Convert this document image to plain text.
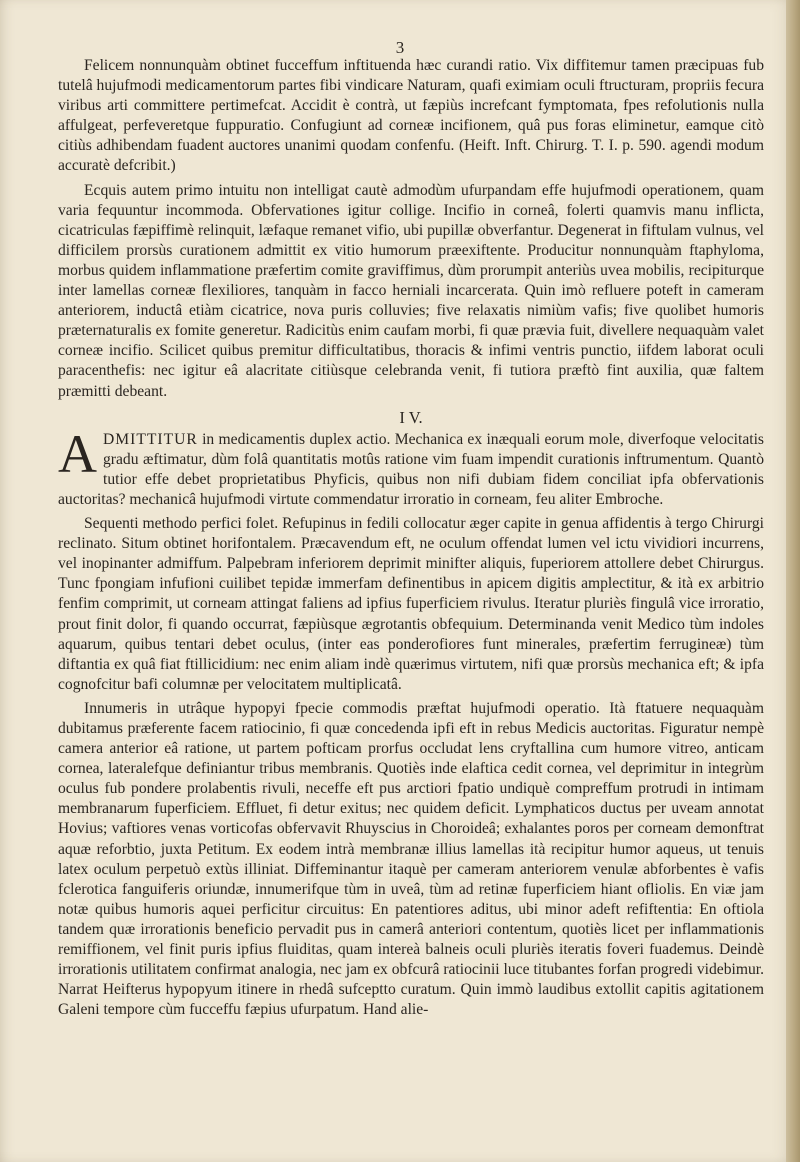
3

Felicem nonnunquàm obtinet fucceffum inftituenda hæc curandi ratio. Vix diffitemur tamen præcipuas fub tutelâ hujufmodi medicamentorum partes fibi vindicare Naturam, quafi eximiam oculi ftructuram, propriis fecura viribus arti committere pertimefcat. Accidit è contrà, ut fæpiùs increfcant fymptomata, fpes refolutionis nulla affulgeat, perfeveretque fuppuratio. Confugiunt ad corneæ incifionem, quâ pus foras eliminetur, eamque citò citiùs adhibendam fuadent auctores unanimi quodam confenfu. (Heift. Inft. Chirurg. T. I. p. 590. agendi modum accuratè defcribit.)

Ecquis autem primo intuitu non intelligat cautè admodùm ufurpandam effe hujufmodi operationem, quam varia fequuntur incommoda. Obfervationes igitur collige. Incifio in corneâ, folerti quamvis manu inflicta, cicatriculas fæpiffimè relinquit, læfaque remanet vifio, ubi pupillæ obverfantur. Degenerat in fiftulam vulnus, vel difficilem prorsùs curationem admittit ex vitio humorum præexiftente. Producitur nonnunquàm ftaphyloma, morbus quidem inflammatione præfertim comite graviffimus, dùm prorumpit anteriùs uvea mobilis, recipiturque inter lamellas corneæ flexiliores, tanquàm in facco herniali incarcerata. Quin imò refluere poteft in cameram anteriorem, inductâ etiàm cicatrice, nova puris colluvies; five relaxatis nimiùm vafis; five quolibet humoris præternaturalis ex fomite generetur. Radicitùs enim caufam morbi, fi quæ prævia fuit, divellere nequaquàm valet corneæ incifio. Scilicet quibus premitur difficultatibus, thoracis & infimi ventris punctio, iifdem laborat oculi paracenthefis: nec igitur eâ alacritate citiùsque celebranda venit, fi tutiora præftò fint auxilia, quæ faltem præmitti debeant.

I V.

ADMITTITUR in medicamentis duplex actio. Mechanica ex inæquali eorum mole, diverfoque velocitatis gradu æftimatur, dùm folâ quantitatis motûs ratione vim fuam impendit curationis inftrumentum. Quantò tutior effe debet proprietatibus Phyficis, quibus non nifi dubiam fidem conciliat ipfa obfervationis auctoritas? mechanicâ hujufmodi virtute commendatur irroratio in corneam, feu aliter Embroche.

Sequenti methodo perfici folet. Refupinus in fedili collocatur æger capite in genua affidentis à tergo Chirurgi reclinato. Situm obtinet horifontalem. Præcavendum eft, ne oculum offendat lumen vel ictu vividiori incurrens, vel inopinanter admiffum. Palpebram inferiorem deprimit minifter aliquis, fuperiorem attollere debet Chirurgus. Tunc fpongiam infufioni cuilibet tepidæ immerfam definentibus in apicem digitis amplectitur, & ità ex arbitrio fenfim comprimit, ut corneam attingat faliens ad ipfius fuperficiem rivulus. Iteratur pluriès fingulâ vice irroratio, prout finit dolor, fi quando occurrat, fæpiùsque ægrotantis obfequium. Determinanda venit Medico tùm indoles aquarum, quibus tentari debet oculus, (inter eas ponderofiores funt minerales, præfertim ferrugineæ) tùm diftantia ex quâ fiat ftillicidium: nec enim aliam indè quærimus virtutem, nifi quæ prorsùs mechanica eft; & ipfa cognofcitur bafi columnæ per velocitatem multiplicatâ.

Innumeris in utrâque hypopyi fpecie commodis præftat hujufmodi operatio. Ità ftatuere nequaquàm dubitamus præferente facem ratiocinio, fi quæ concedenda ipfi eft in rebus Medicis auctoritas. Figuratur nempè camera anterior eâ ratione, ut partem pofticam prorfus occludat lens cryftallina cum humore vitreo, anticam cornea, lateralefque definiantur tribus membranis. Quotiès inde elaftica cedit cornea, vel deprimitur in integrùm oculus fub pondere prolabentis rivuli, neceffe eft pus arctiori fpatio undiquè compreffum protrudi in intimam membranarum fuperficiem. Effluet, fi detur exitus; nec quidem deficit. Lymphaticos ductus per uveam annotat Hovius; vaftiores venas vorticofas obfervavit Rhuyscius in Choroideâ; exhalantes poros per corneam demonftrat aquæ reforbtio, juxta Petitum. Ex eodem intrà membranæ illius lamellas ità recipitur humor aqueus, ut tenuis latex oculum perpetuò extùs illiniat. Diffeminantur itaquè per cameram anteriorem venulæ abforbentes è vafis fclerotica fanguiferis oriundæ, innumerifque tùm in uveâ, tùm ad retinæ fuperficiem hiant ofliolis. En viæ jam notæ quibus humoris aquei perficitur circuitus: En patentiores aditus, ubi minor adeft refiftentia: En oftiola tandem quæ irrorationis beneficio pervadit pus in camerâ anteriori contentum, quotiès licet per inflammationis remiffionem, vel finit puris ipfius fluiditas, quam intereà balneis oculi pluriès iteratis foveri fuademus. Deindè irrorationis utilitatem confirmat analogia, nec jam ex obfcurâ ratiocinii luce titubantes forfan progredi videbimur. Narrat Heifterus hypopyum itinere in rhedâ sufceptto curatum. Quin immò laudibus extollit capitis agitationem Galeni tempore cùm fucceffu fæpius ufurpatum. Hand alie-
